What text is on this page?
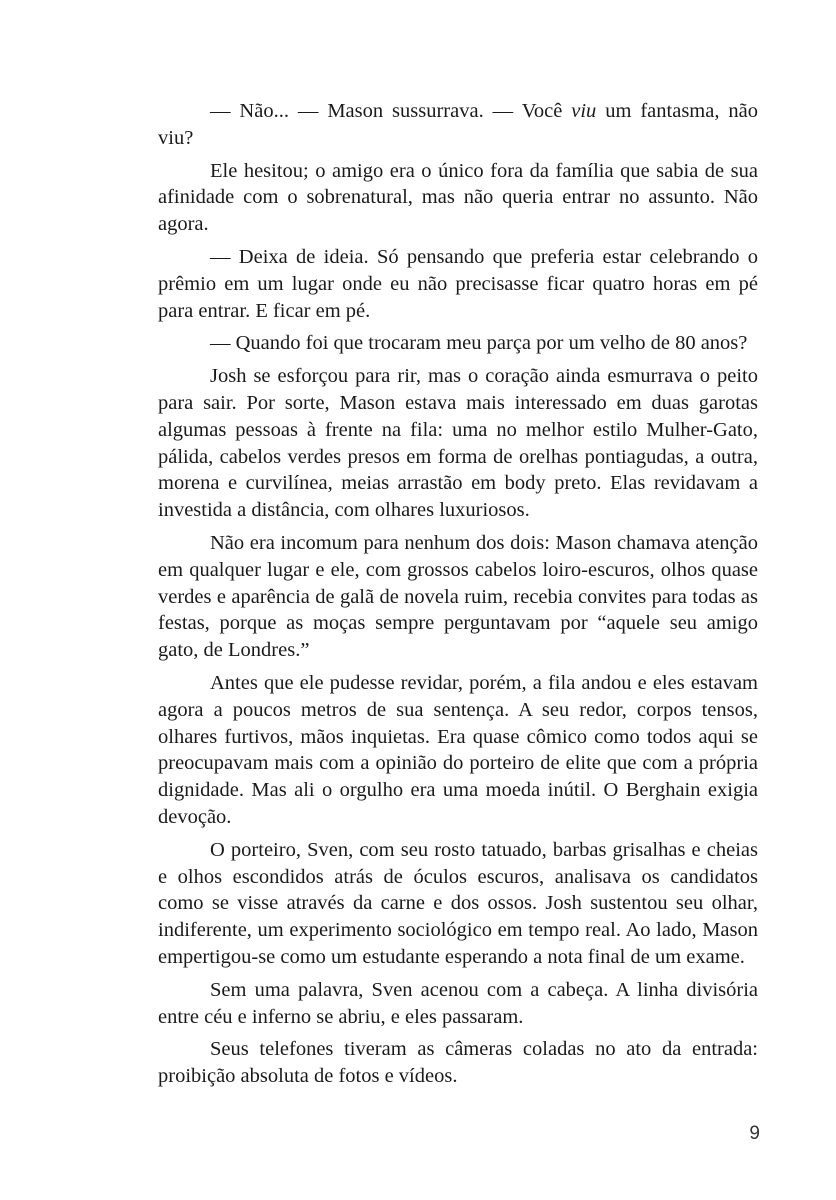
— Não... — Mason sussurrava. — Você viu um fantasma, não viu?

Ele hesitou; o amigo era o único fora da família que sabia de sua afinidade com o sobrenatural, mas não queria entrar no assunto. Não agora.

— Deixa de ideia. Só pensando que preferia estar celebrando o prêmio em um lugar onde eu não precisasse ficar quatro horas em pé para entrar. E ficar em pé.

— Quando foi que trocaram meu parça por um velho de 80 anos?

Josh se esforçou para rir, mas o coração ainda esmurrava o peito para sair. Por sorte, Mason estava mais interessado em duas garotas algumas pessoas à frente na fila: uma no melhor estilo Mulher-Gato, pálida, cabelos verdes presos em forma de orelhas pontiagudas, a outra, morena e curvilínea, meias arrastão em body preto. Elas revidavam a investida a distância, com olhares luxuriosos.

Não era incomum para nenhum dos dois: Mason chamava atenção em qualquer lugar e ele, com grossos cabelos loiro-escuros, olhos quase verdes e aparência de galã de novela ruim, recebia convites para todas as festas, porque as moças sempre perguntavam por “aquele seu amigo gato, de Londres.”

Antes que ele pudesse revidar, porém, a fila andou e eles estavam agora a poucos metros de sua sentença. A seu redor, corpos tensos, olhares furtivos, mãos inquietas. Era quase cômico como todos aqui se preocupavam mais com a opinião do porteiro de elite que com a própria dignidade. Mas ali o orgulho era uma moeda inútil. O Berghain exigia devoção.

O porteiro, Sven, com seu rosto tatuado, barbas grisalhas e cheias e olhos escondidos atrás de óculos escuros, analisava os candidatos como se visse através da carne e dos ossos. Josh sustentou seu olhar, indiferente, um experimento sociológico em tempo real. Ao lado, Mason empertigou-se como um estudante esperando a nota final de um exame.

Sem uma palavra, Sven acenou com a cabeça. A linha divisória entre céu e inferno se abriu, e eles passaram.

Seus telefones tiveram as câmeras coladas no ato da entrada: proibição absoluta de fotos e vídeos.

9
